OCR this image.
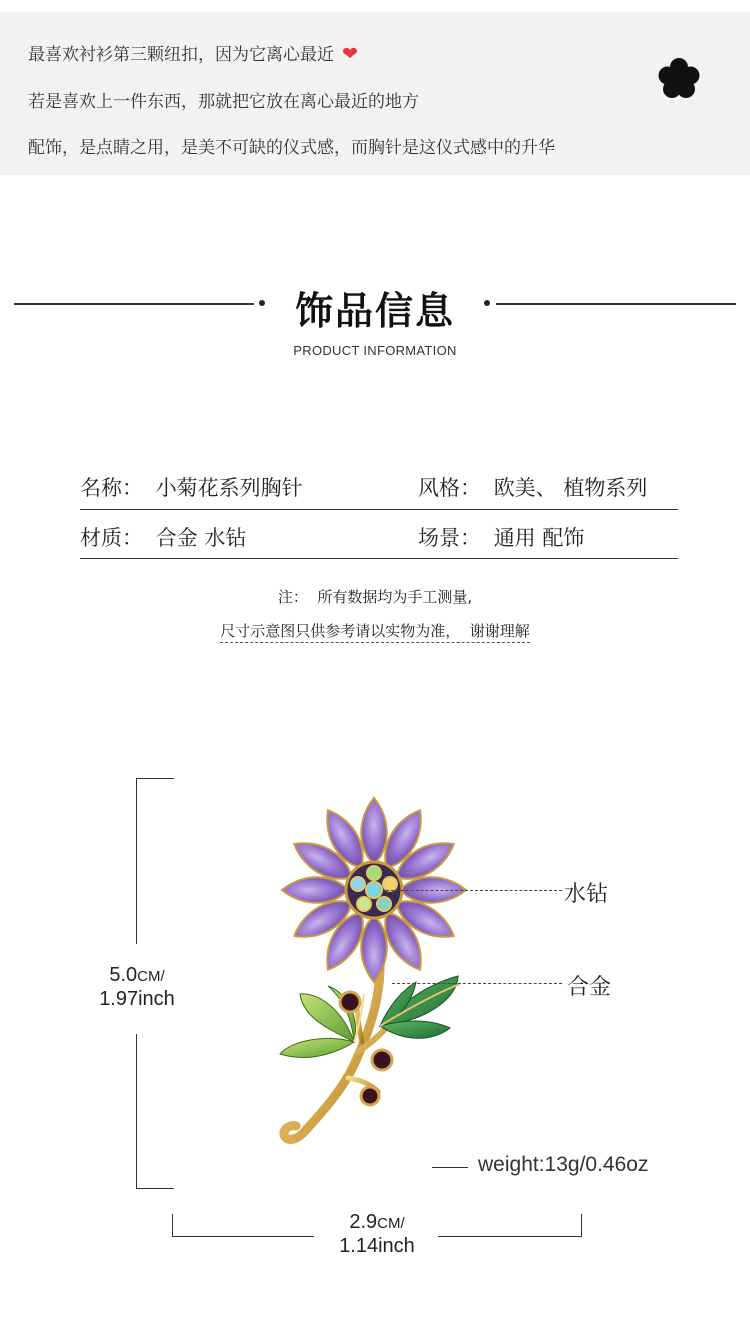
最喜欢衬衫第三颗纽扣，因为它离心最近 ❤
若是喜欢上一件东西，那就把它放在离心最近的地方
配饰，是点睛之用，是美不可缺的仪式感，而胸针是这仪式感中的升华
饰品信息
PRODUCT INFORMATION
名称： 小菊花系列胸针	风格： 欧美、 植物系列
材质： 合金 水钻	场景： 通用 配饰
注：  所有数据均为手工测量,
尺寸示意图只供参考请以实物为准，  谢谢理解
5.0CM/
1.97inch
2.9CM/
1.14inch
水钻
合金
weight:13g/0.46oz
